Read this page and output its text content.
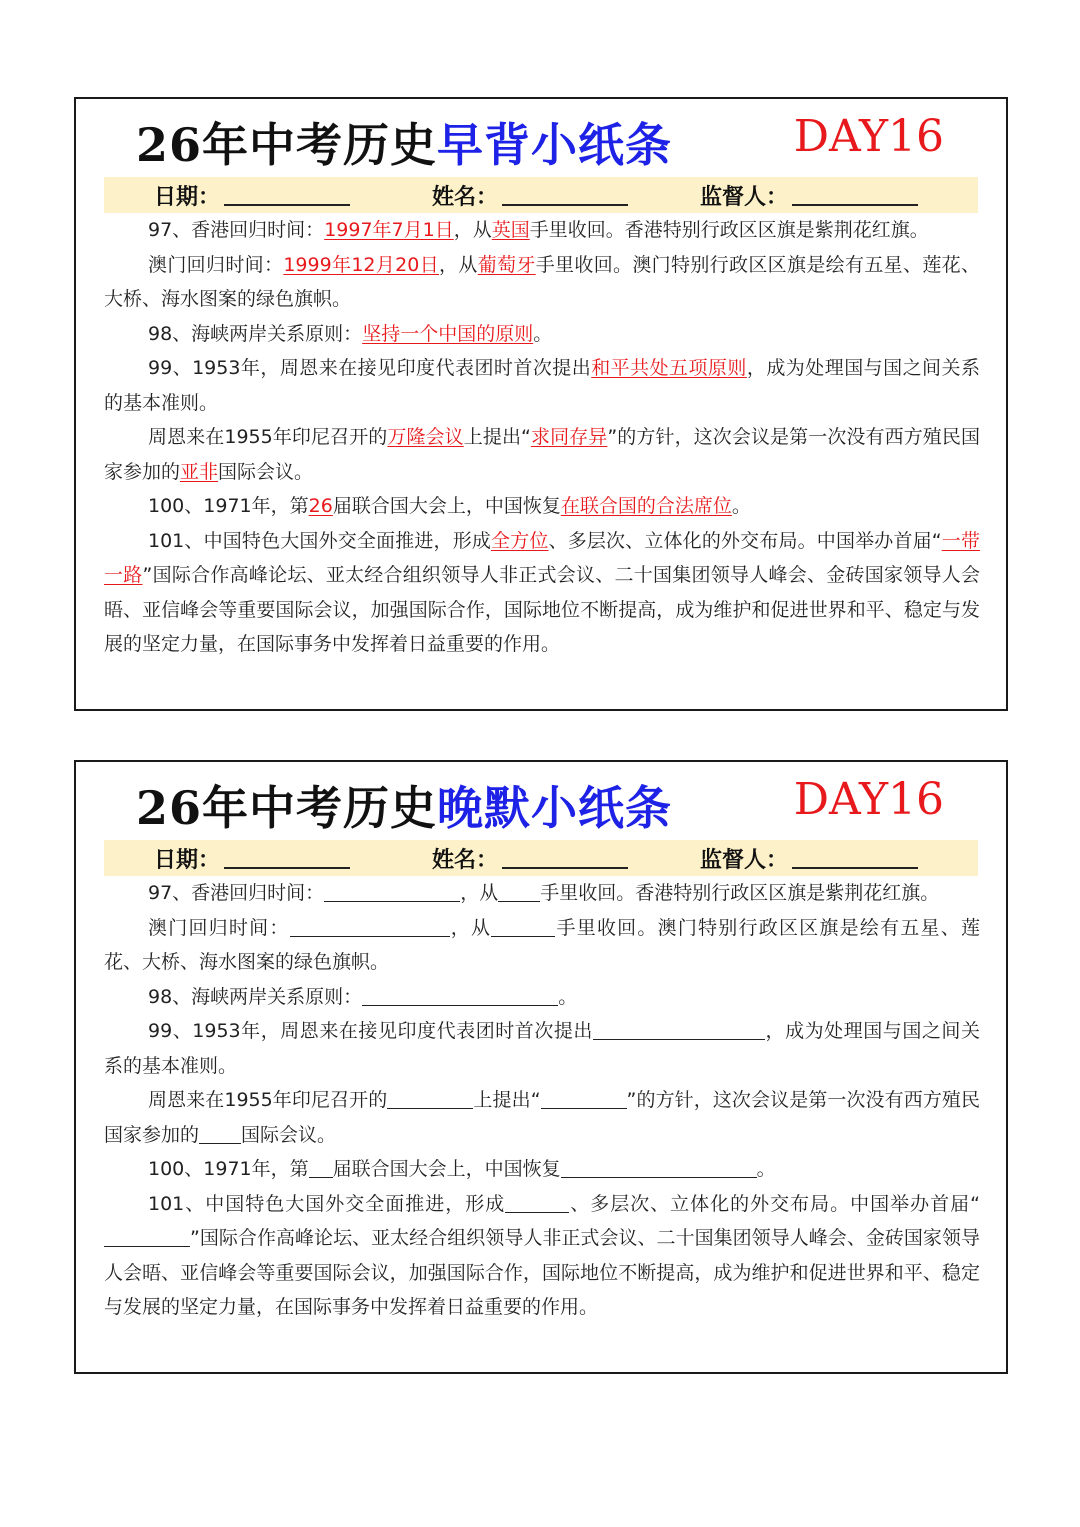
26年中考历史早背小纸条	DAY16
日期：	姓名：	监督人：

97、香港回归时间：1997年7月1日，从英国手里收回。香港特别行政区区旗是紫荆花红旗。

澳门回归时间：1999年12月20日，从葡萄牙手里收回。澳门特别行政区区旗是绘有五星、莲花、大桥、海水图案的绿色旗帜。

98、海峡两岸关系原则：坚持一个中国的原则。

99、1953年，周恩来在接见印度代表团时首次提出和平共处五项原则，成为处理国与国之间关系的基本准则。

周恩来在1955年印尼召开的万隆会议上提出“求同存异”的方针，这次会议是第一次没有西方殖民国家参加的亚非国际会议。

100、1971年，第26届联合国大会上，中国恢复在联合国的合法席位。

101、中国特色大国外交全面推进，形成全方位、多层次、立体化的外交布局。中国举办首届“一带一路”国际合作高峰论坛、亚太经合组织领导人非正式会议、二十国集团领导人峰会、金砖国家领导人会晤、亚信峰会等重要国际会议，加强国际合作，国际地位不断提高，成为维护和促进世界和平、稳定与发展的坚定力量，在国际事务中发挥着日益重要的作用。

26年中考历史晚默小纸条	DAY16
日期：	姓名：	监督人：

97、香港回归时间：	，从 手里收回。香港特别行政区区旗是紫荆花红旗。

澳门回归时间：	，从	手里收回。澳门特别行政区区旗是绘有五星、莲花、大桥、海水图案的绿色旗帜。

98、海峡两岸关系原则：	。

99、1953年，周恩来在接见印度代表团时首次提出	，成为处理国与国之间关系的基本准则。

周恩来在1955年印尼召开的	上提出“	”的方针，这次会议是第一次没有西方殖民国家参加的 国际会议。

100、1971年，第 届联合国大会上，中国恢复	。

101、中国特色大国外交全面推进，形成	、多层次、立体化的外交布局。中国举办首届“”国际合作高峰论坛、亚太经合组织领导人非正式会议、二十国集团领导人峰会、金砖国家领导人会晤、亚信峰会等重要国际会议，加强国际合作，国际地位不断提高，成为维护和促进世界和平、稳定与发展的坚定力量，在国际事务中发挥着日益重要的作用。
